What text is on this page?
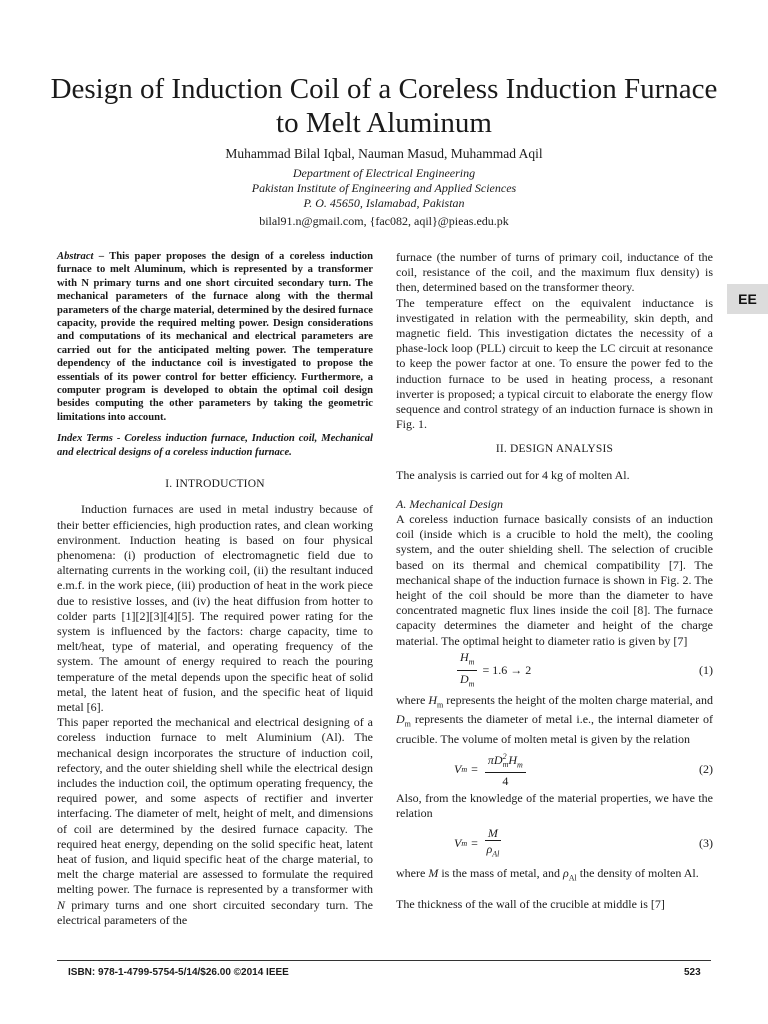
Design of Induction Coil of a Coreless Induction Furnace to Melt Aluminum
Muhammad Bilal Iqbal, Nauman Masud, Muhammad Aqil
Department of Electrical Engineering
Pakistan Institute of Engineering and Applied Sciences
P. O. 45650, Islamabad, Pakistan
bilal91.n@gmail.com, {fac082, aqil}@pieas.edu.pk

Abstract – This paper proposes the design of a coreless induction furnace to melt Aluminum, which is represented by a transformer with N primary turns and one short circuited secondary turn. The mechanical parameters of the furnace along with the thermal parameters of the charge material, determined by the desired furnace capacity, provide the required melting power. Design considerations and computations of its mechanical and electrical parameters are carried out for the anticipated melting power. The temperature dependency of the inductance coil is investigated to propose the essentials of its power control for better efficiency. Furthermore, a computer program is developed to obtain the optimal coil design besides computing the other parameters by taking the geometric limitations into account.

Index Terms - Coreless induction furnace, Induction coil, Mechanical and electrical designs of a coreless induction furnace.

I. INTRODUCTION

Induction furnaces are used in metal industry because of their better efficiencies, high production rates, and clean working environment. Induction heating is based on four physical phenomena: (i) production of electromagnetic field due to alternating currents in the working coil, (ii) the resultant induced e.m.f. in the work piece, (iii) production of heat in the work piece due to resistive losses, and (iv) the heat diffusion from hotter to colder parts [1][2][3][4][5]. The required power rating for the system is influenced by the factors: charge capacity, time to melt/heat, type of material, and operating frequency of the system. The amount of energy required to reach the pouring temperature of the metal depends upon the specific heat of solid metal, the latent heat of fusion, and the specific heat of liquid metal [6].

This paper reported the mechanical and electrical designing of a coreless induction furnace to melt Aluminium (Al). The mechanical design incorporates the structure of induction coil, refectory, and the outer shielding shell while the electrical design includes the induction coil, the optimum operating frequency, the required power, and some aspects of rectifier and inverter interfacing. The diameter of melt, height of melt, and dimensions of coil are determined by the desired furnace capacity. The required heat energy, depending on the solid specific heat, latent heat of fusion, and liquid specific heat of the charge material, to melt the charge material are assessed to formulate the required melting power. The furnace is represented by a transformer with N primary turns and one short circuited secondary turn. The electrical parameters of the

furnace (the number of turns of primary coil, inductance of the coil, resistance of the coil, and the maximum flux density) is then, determined based on the transformer theory.

The temperature effect on the equivalent inductance is investigated in relation with the permeability, skin depth, and magnetic field. This investigation dictates the necessity of a phase-lock loop (PLL) circuit to keep the LC circuit at resonance to keep the power factor at one. To ensure the power fed to the induction furnace to be used in heating process, a resonant inverter is proposed; a typical circuit to elaborate the energy flow sequence and control strategy of an induction furnace is shown in Fig. 1.

II. DESIGN ANALYSIS

The analysis is carried out for 4 kg of molten Al.

A. Mechanical Design

A coreless induction furnace basically consists of an induction coil (inside which is a crucible to hold the melt), the cooling system, and the outer shielding shell. The selection of crucible based on its thermal and chemical compatibility [7]. The mechanical shape of the induction furnace is shown in Fig. 2. The height of the coil should be more than the diameter to have concentrated magnetic flux lines inside the coil [8]. The furnace capacity determines the diameter and height of the charge material. The optimal height to diameter ratio is given by [7]

$\frac{H_m}{D_m} = 1.6 \to 2$	(1)

where $H_m$ represents the height of the molten charge material, and $D_m$ represents the diameter of metal i.e., the internal diameter of crucible. The volume of molten metal is given by the relation

V $m = \frac{\pi D^2_mH_m}{4}$	(2)

Also, from the knowledge of the material properties, we have the relation

V $m = \frac{M}{\rho_{Al}}$	(3)

where M is the mass of metal, and $\rho_{Al}$ the density of molten Al.

The thickness of the wall of the crucible at middle is [7]

EE
ISBN: 978-1-4799-5754-5/14/$26.00 ©2014 IEEE	523
